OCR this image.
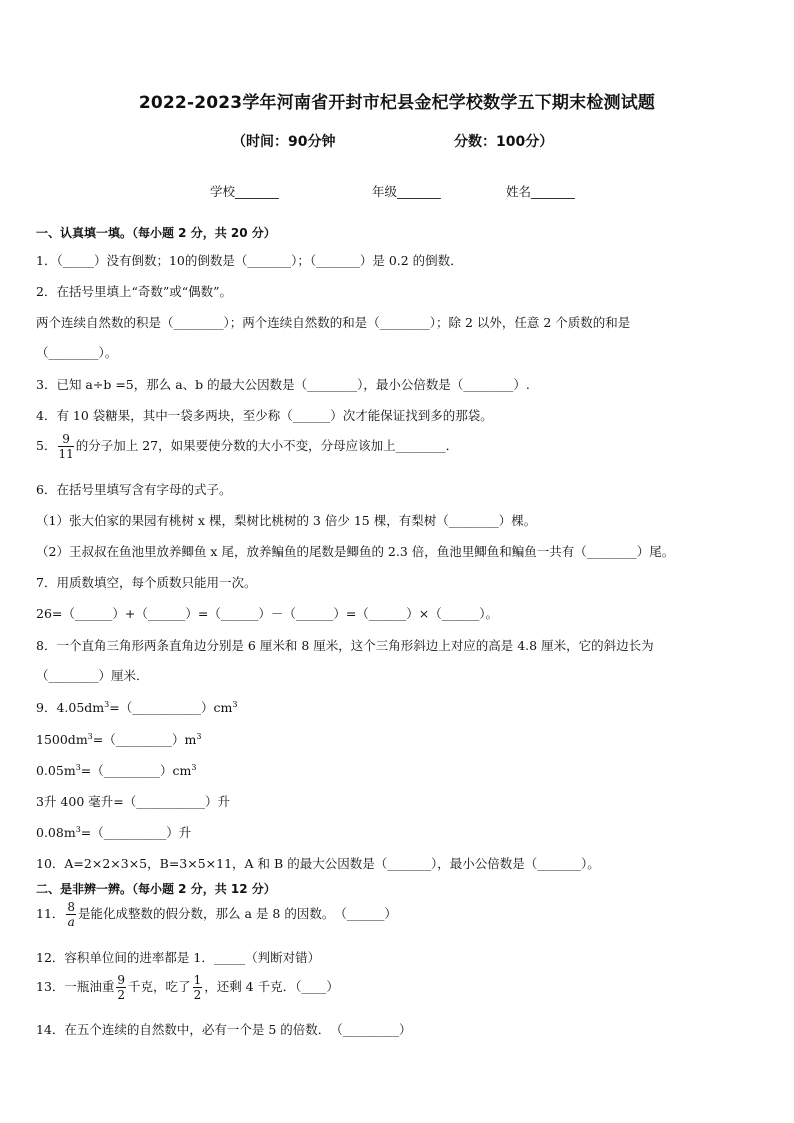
2022-2023学年河南省开封市杞县金杞学校数学五下期末检测试题
（时间：90分钟	分数：100分）
学校_______	年级_______	姓名_______
一、认真填一填。（每小题 2 分，共 20 分）
1．（_____）没有倒数；10的倒数是（_______）；（_______）是 0.2 的倒数．
2．在括号里填上“奇数”或“偶数”。
两个连续自然数的积是（________）；两个连续自然数的和是（________）；除 2 以外，任意 2 个质数的和是
（________）。
3．已知 a÷b =5，那么 a、b 的最大公因数是（________），最小公倍数是（________）.
4．有 10 袋糖果，其中一袋多两块，至少称（______）次才能保证找到多的那袋。
5． $\frac{9}{11}$ 的分子加上 27，如果要使分数的大小不变，分母应该加上________．
6．在括号里填写含有字母的式子。
（1）张大伯家的果园有桃树 x 棵，梨树比桃树的 3 倍少 15 棵，有梨树（________）棵。
（2）王叔叔在鱼池里放养鲫鱼 x 尾，放养鳊鱼的尾数是鲫鱼的 2.3 倍，鱼池里鲫鱼和鳊鱼一共有（________）尾。
7．用质数填空，每个质数只能用一次。
26=（______）+（______）=（______）－（______）=（______）×（______）。
8．一个直角三角形两条直角边分别是 6 厘米和 8 厘米，这个三角形斜边上对应的高是 4.8 厘米，它的斜边长为
（________）厘米．
9．$4.05dm^3=(\_\_\_\_\_\_\_\_\_\_\_)cm^3$
$1500dm^3=(\_\_\_\_\_\_\_\_\_)m^3$
$0.05m^3=(\_\_\_\_\_\_\_\_\_)cm^3$
3升 400 毫升=（___________）升
$0.08m^3=(\_\_\_\_\_\_\_\_\_\_)$升
10．A=2×2×3×5，B=3×5×11，A 和 B 的最大公因数是（_______），最小公倍数是（_______）。
二、是非辨一辨。（每小题 2 分，共 12 分）
11． $\frac{8}{a}$ 是能化成整数的假分数，那么 a 是 8 的因数。　（______）
12．容积单位间的进率都是 1．_____（判断对错）
13．一瓶油重 $\frac{9}{2}$ 千克，吃了 $\frac{1}{2}$ ，还剩 4 千克．（____）
14．在五个连续的自然数中，必有一个是 5 的倍数．　（_________）
